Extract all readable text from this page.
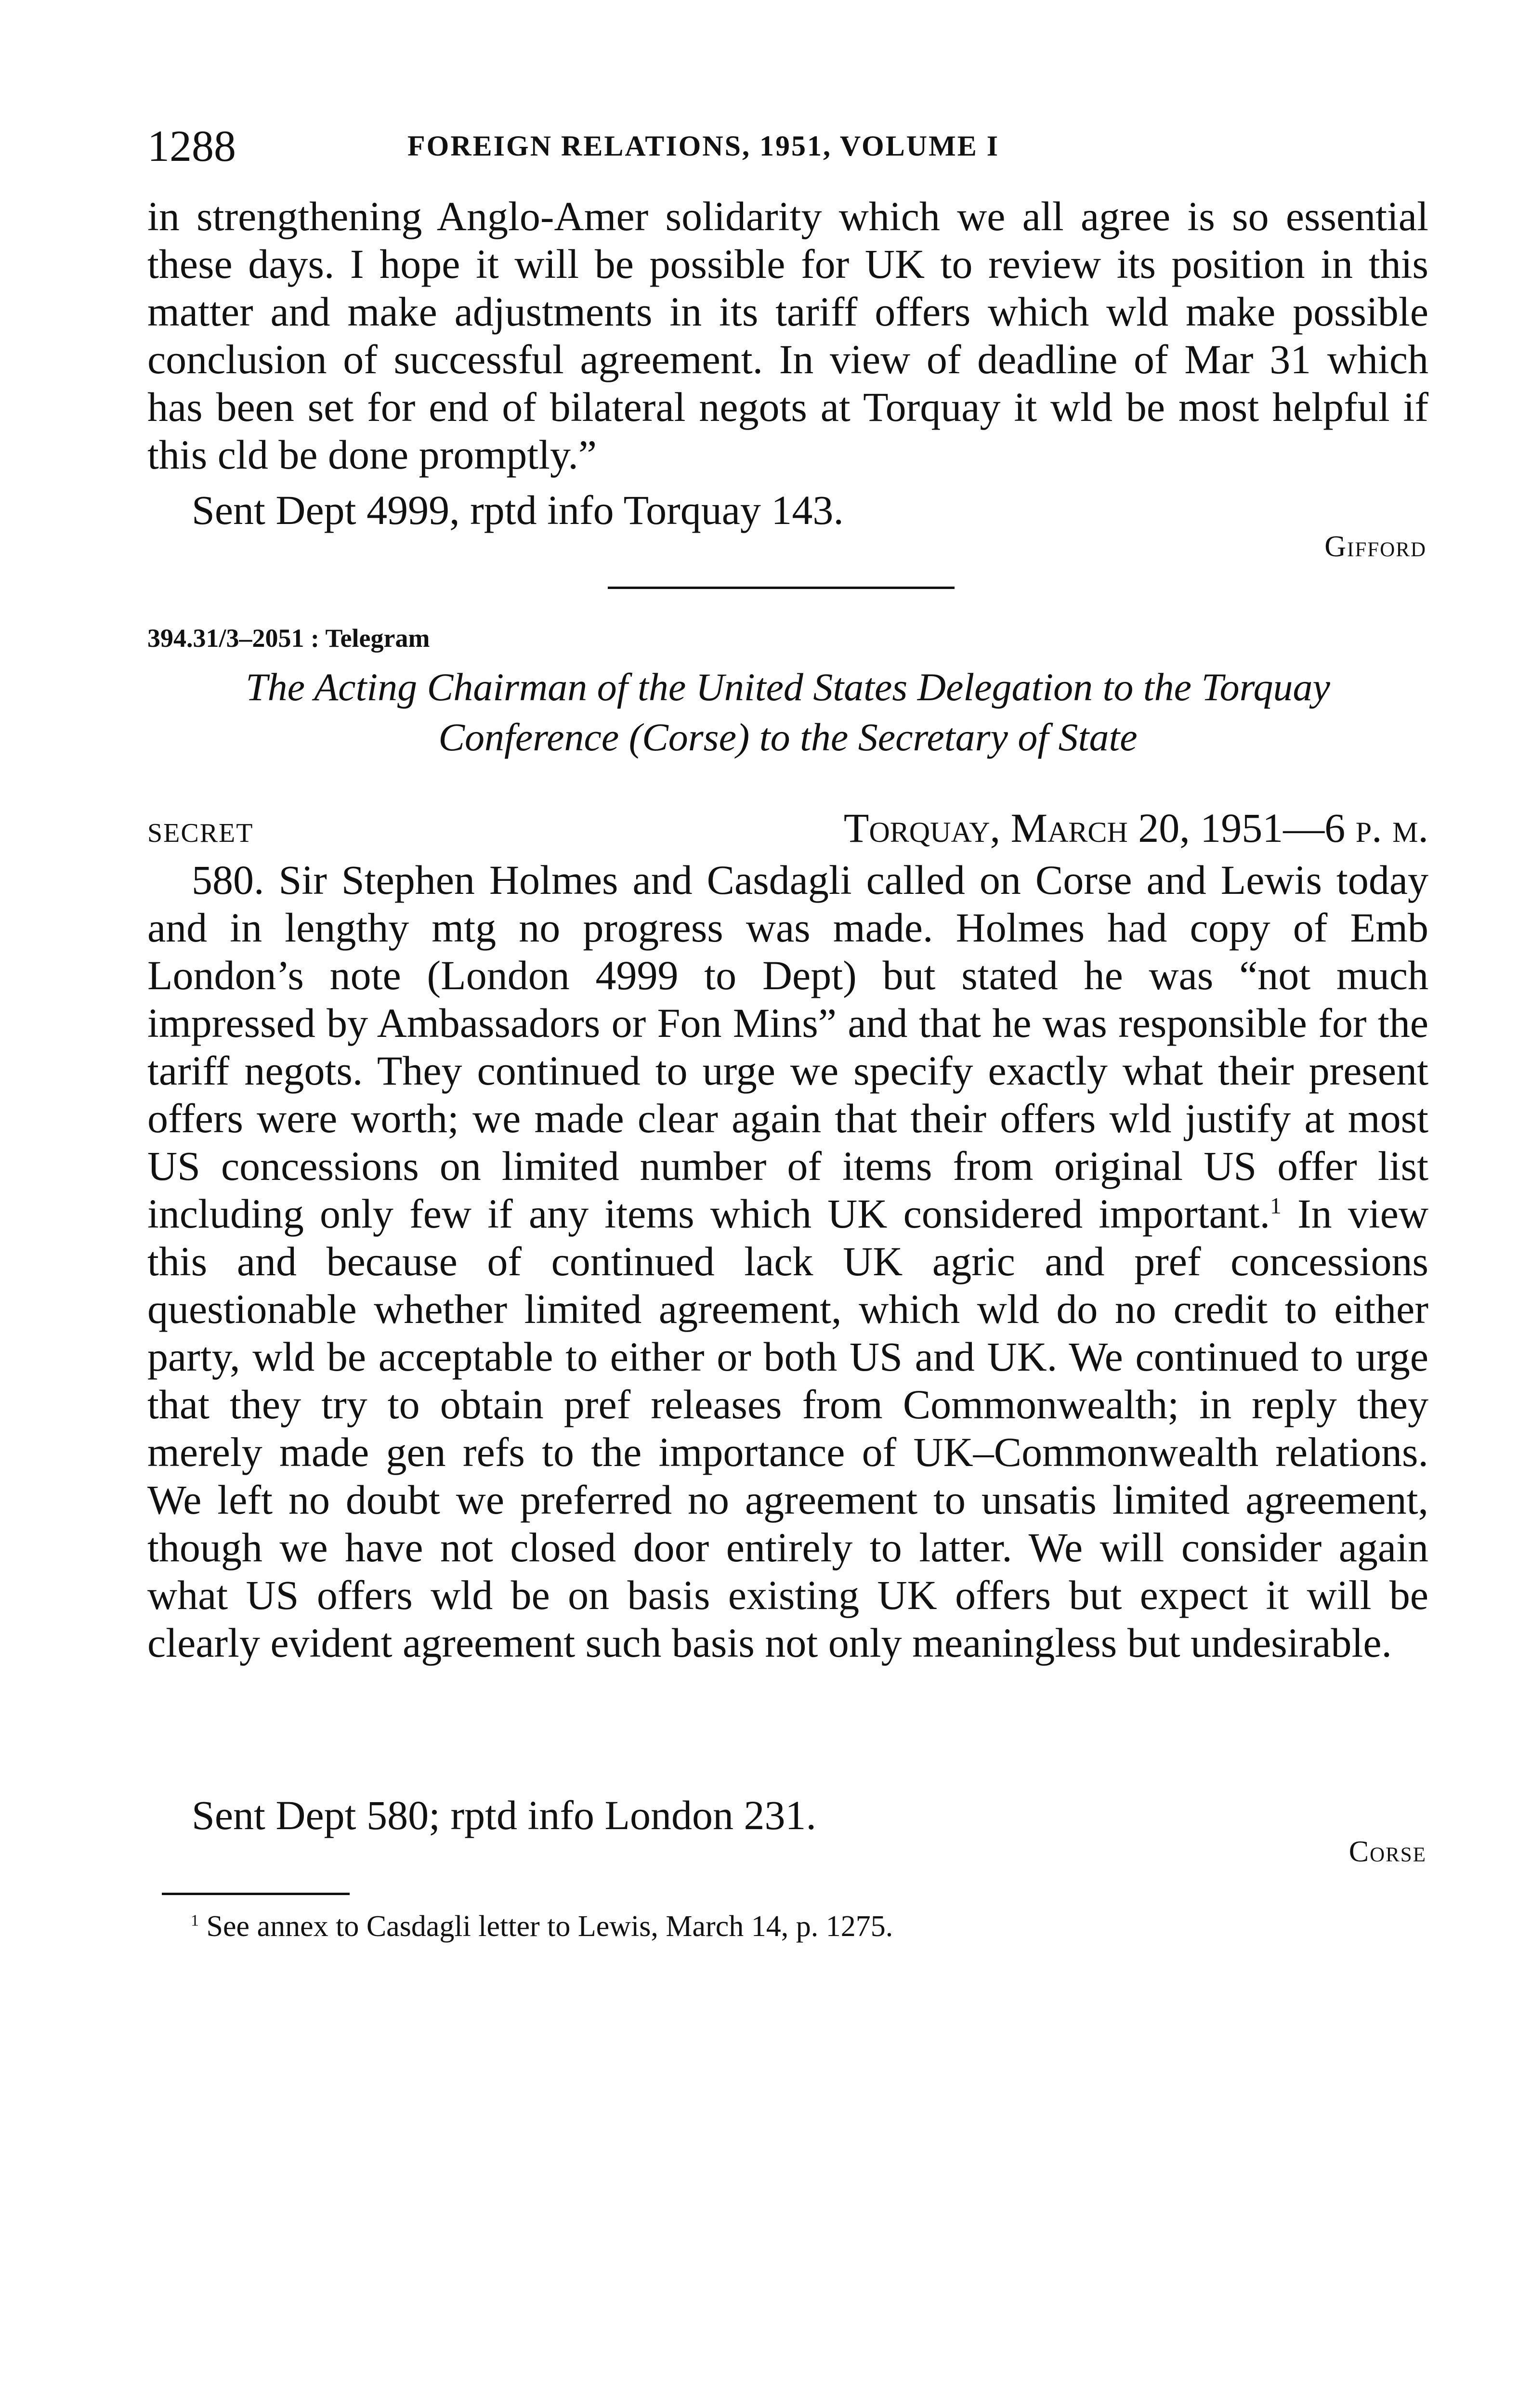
1288	FOREIGN RELATIONS, 1951, VOLUME I

in strengthening Anglo-Amer solidarity which we all agree is so essential these days. I hope it will be possible for UK to review its position in this matter and make adjustments in its tariff offers which wld make possible conclusion of successful agreement. In view of deadline of Mar 31 which has been set for end of bilateral negots at Torquay it wld be most helpful if this cld be done promptly.”

Sent Dept 4999, rptd info Torquay 143.

Gifford
394.31/3–2051 : Telegram
The Acting Chairman of the United States Delegation to the Torquay
Conference (Corse) to the Secretary of State
SECRET	Torquay, March 20, 1951—6 p. m.

580. Sir Stephen Holmes and Casdagli called on Corse and Lewis today and in lengthy mtg no progress was made. Holmes had copy of Emb London’s note (London 4999 to Dept) but stated he was “not much impressed by Ambassadors or Fon Mins” and that he was responsible for the tariff negots. They continued to urge we specify exactly what their present offers were worth; we made clear again that their offers wld justify at most US concessions on limited number of items from original US offer list including only few if any items which UK considered important.$^1$ In view this and because of continued lack UK agric and pref concessions questionable whether limited agreement, which wld do no credit to either party, wld be acceptable to either or both US and UK. We continued to urge that they try to obtain pref releases from Commonwealth; in reply they merely made gen refs to the importance of UK–Commonwealth relations. We left no doubt we preferred no agreement to unsatis limited agreement, though we have not closed door entirely to latter. We will consider again what US offers wld be on basis existing UK offers but expect it will be clearly evident agreement such basis not only meaningless but undesirable.

Sent Dept 580; rptd info London 231.

Corse
$^1$ See annex to Casdagli letter to Lewis, March 14, p. 1275.
